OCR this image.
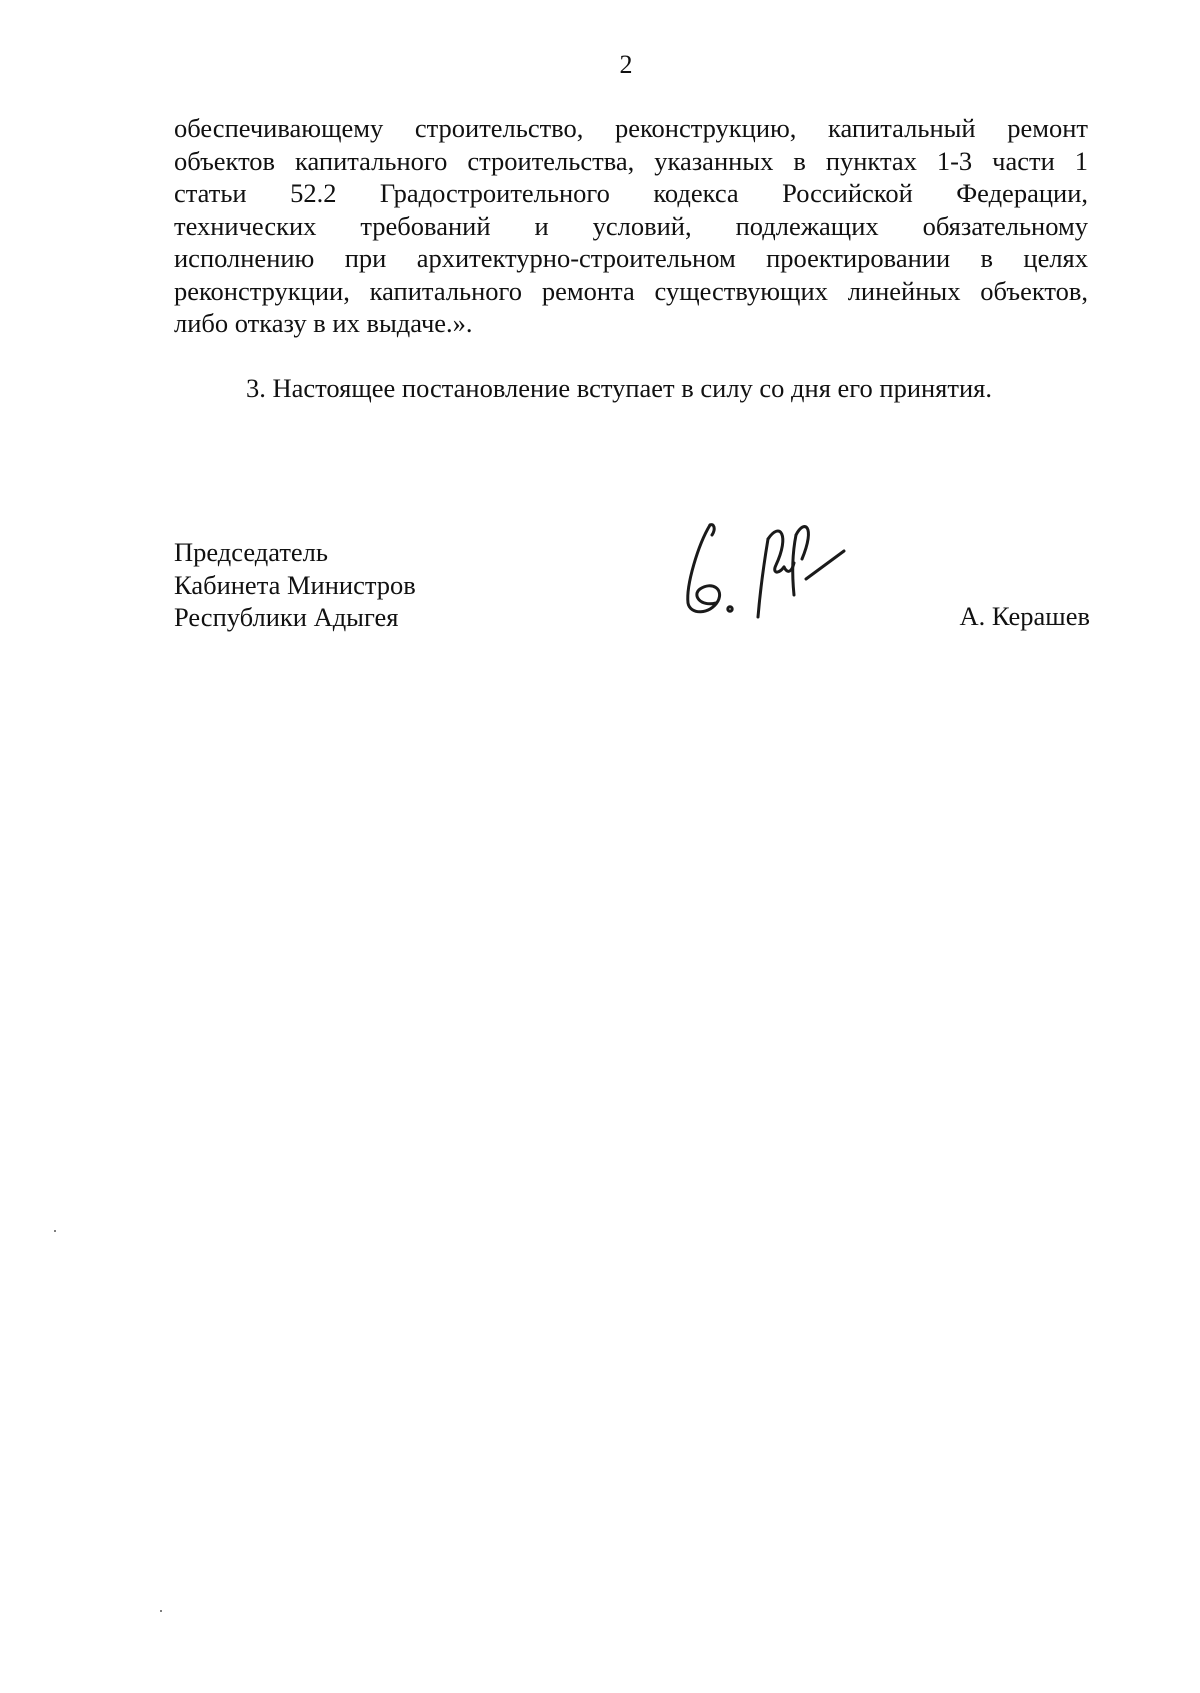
2
обеспечивающему строительство, реконструкцию, капитальный ремонт
объектов капитального строительства, указанных в пунктах 1-3 части 1
статьи 52.2 Градостроительного кодекса Российской Федерации,
технических требований и условий, подлежащих обязательному
исполнению при архитектурно-строительном проектировании в целях
реконструкции, капитального ремонта существующих линейных объектов,
либо отказу в их выдаче.».
3. Настоящее постановление вступает в силу со дня его принятия.
Председатель
Кабинета Министров
Республики Адыгея	А. Керашев
